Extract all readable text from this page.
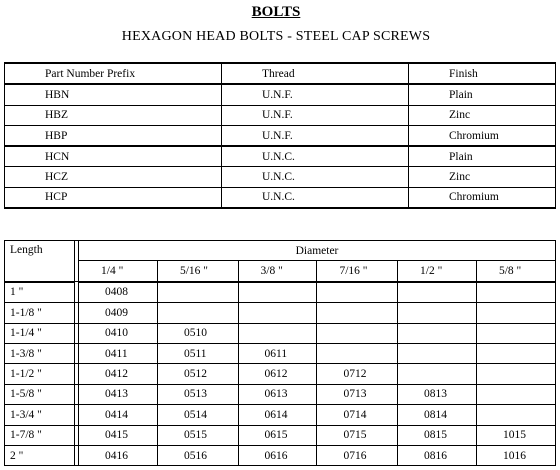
BOLTS
HEXAGON HEAD BOLTS - STEEL CAP SCREWS
Part Number Prefix	Thread	Finish
HBN	U.N.F.	Plain
HBZ	U.N.F.	Zinc
HBP	U.N.F.	Chromium
HCN	U.N.C.	Plain
HCZ	U.N.C.	Zinc
HCP	U.N.C.	Chromium
Length		Diameter					
		1/4 "	5/16 "	3/8 "	7/16 "	1/2 "	5/8 "
1 "		0408					
1-1/8 "		0409					
1-1/4 "		0410	0510				
1-3/8 "		0411	0511	0611			
1-1/2 "		0412	0512	0612	0712		
1-5/8 "		0413	0513	0613	0713	0813	
1-3/4 "		0414	0514	0614	0714	0814	
1-7/8 "		0415	0515	0615	0715	0815	1015
2 "		0416	0516	0616	0716	0816	1016
